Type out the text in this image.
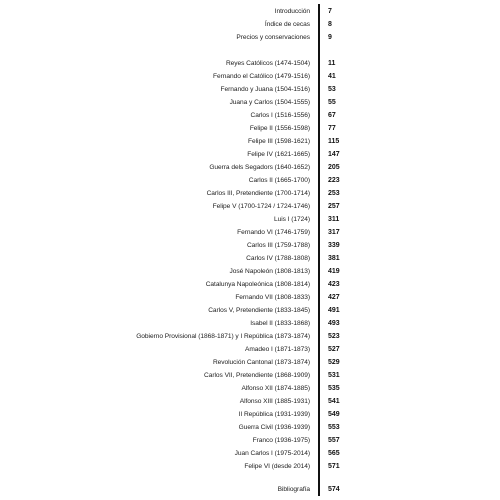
Introducción	7
Índice de cecas	8
Precios y conservaciones	9
Reyes Católicos (1474-1504)	11
Fernando el Católico (1479-1516)	41
Fernando y Juana (1504-1516)	53
Juana y Carlos (1504-1555)	55
Carlos I (1516-1556)	67
Felipe II (1556-1598)	77
Felipe III (1598-1621)	115
Felipe IV (1621-1665)	147
Guerra dels Segadors (1640-1652)	205
Carlos II (1665-1700)	223
Carlos III, Pretendiente (1700-1714)	253
Felipe V (1700-1724 / 1724-1746)	257
Luis I (1724)	311
Fernando VI (1746-1759)	317
Carlos III (1759-1788)	339
Carlos IV (1788-1808)	381
José Napoleón (1808-1813)	419
Catalunya Napoleónica (1808-1814)	423
Fernando VII (1808-1833)	427
Carlos V, Pretendiente (1833-1845)	491
Isabel II (1833-1868)	493
Gobierno Provisional (1868-1871) y I República (1873-1874)	523
Amadeo I (1871-1873)	527
Revolución Cantonal (1873-1874)	529
Carlos VII, Pretendiente (1868-1909)	531
Alfonso XII (1874-1885)	535
Alfonso XIII (1885-1931)	541
II República (1931-1939)	549
Guerra Civil (1936-1939)	553
Franco (1936-1975)	557
Juan Carlos I (1975-2014)	565
Felipe VI (desde 2014)	571
Bibliografía	574
